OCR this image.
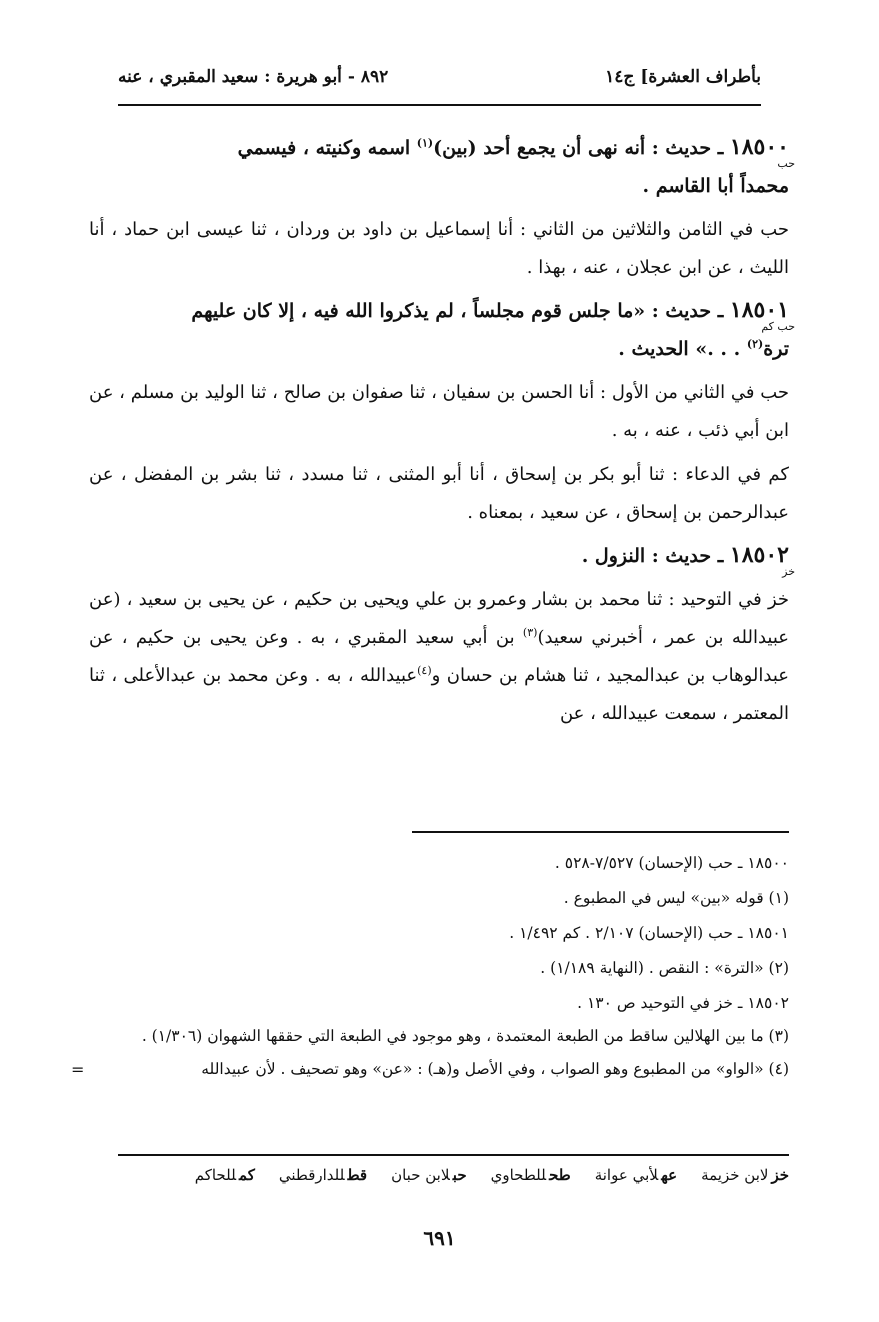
بأطراف العشرة] ج١٤
٨٩٢ - أبو هريرة : سعيد المقبري ، عنه

١٨٥٠٠
حب
ـ حديث : أنه نهى أن يجمع أحد (بين)$^{(١)}$ اسمه وكنيته ، فيسمي
محمداً أبا القاسم .

حب في الثامن والثلاثين من الثاني : أنا إسماعيل بن داود بن وردان ، ثنا عيسى ابن حماد ، أنا الليث ، عن ابن عجلان ، عنه ، بهذا .

١٨٥٠١
حب كم
ـ حديث : «ما جلس قوم مجلساً ، لم يذكروا الله فيه ، إلا كان عليهم
ترة$^{(٢)}$ . . .» الحديث .

حب في الثاني من الأول : أنا الحسن بن سفيان ، ثنا صفوان بن صالح ، ثنا الوليد بن مسلم ، عن ابن أبي ذئب ، عنه ، به .

كم في الدعاء : ثنا أبو بكر بن إسحاق ، أنا أبو المثنى ، ثنا مسدد ، ثنا بشر بن المفضل ، عن عبدالرحمن بن إسحاق ، عن سعيد ، بمعناه .

١٨٥٠٢
خز
ـ حديث : النزول .

خز في التوحيد : ثنا محمد بن بشار وعمرو بن علي ويحيى بن حكيم ، عن يحيى بن سعيد ، (عن عبيدالله بن عمر ، أخبرني سعيد)$^{(٣)}$ بن أبي سعيد المقبري ، به . وعن يحيى بن حكيم ، عن عبدالوهاب بن عبدالمجيد ، ثنا هشام بن حسان و$^{(٤)}$عبيدالله ، به . وعن محمد بن عبدالأعلى ، ثنا المعتمر ، سمعت عبيدالله ، عن

١٨٥٠٠ ـ حب (الإحسان) ٧/٥٢٧-٥٢٨ .

(١) قوله «بين» ليس في المطبوع .

١٨٥٠١ ـ حب (الإحسان) ٢/١٠٧ . كم ١/٤٩٢ .

(٢) «الترة» : النقص . (النهاية ١/١٨٩) .

١٨٥٠٢ ـ خز في التوحيد ص ١٣٠ .

(٣) ما بين الهلالين ساقط من الطبعة المعتمدة ، وهو موجود في الطبعة التي حققها الشهوان (١/٣٠٦) .

(٤) «الواو» من المطبوع وهو الصواب ، وفي الأصل و(هـ) : «عن» وهو تصحيف . لأن عبيدالله
=

خزلابن خزيمة
عهلأبي عوانة
طحللطحاوي
حبلابن حبان
قطللدارقطني
كمللحاكم
٦٩١
